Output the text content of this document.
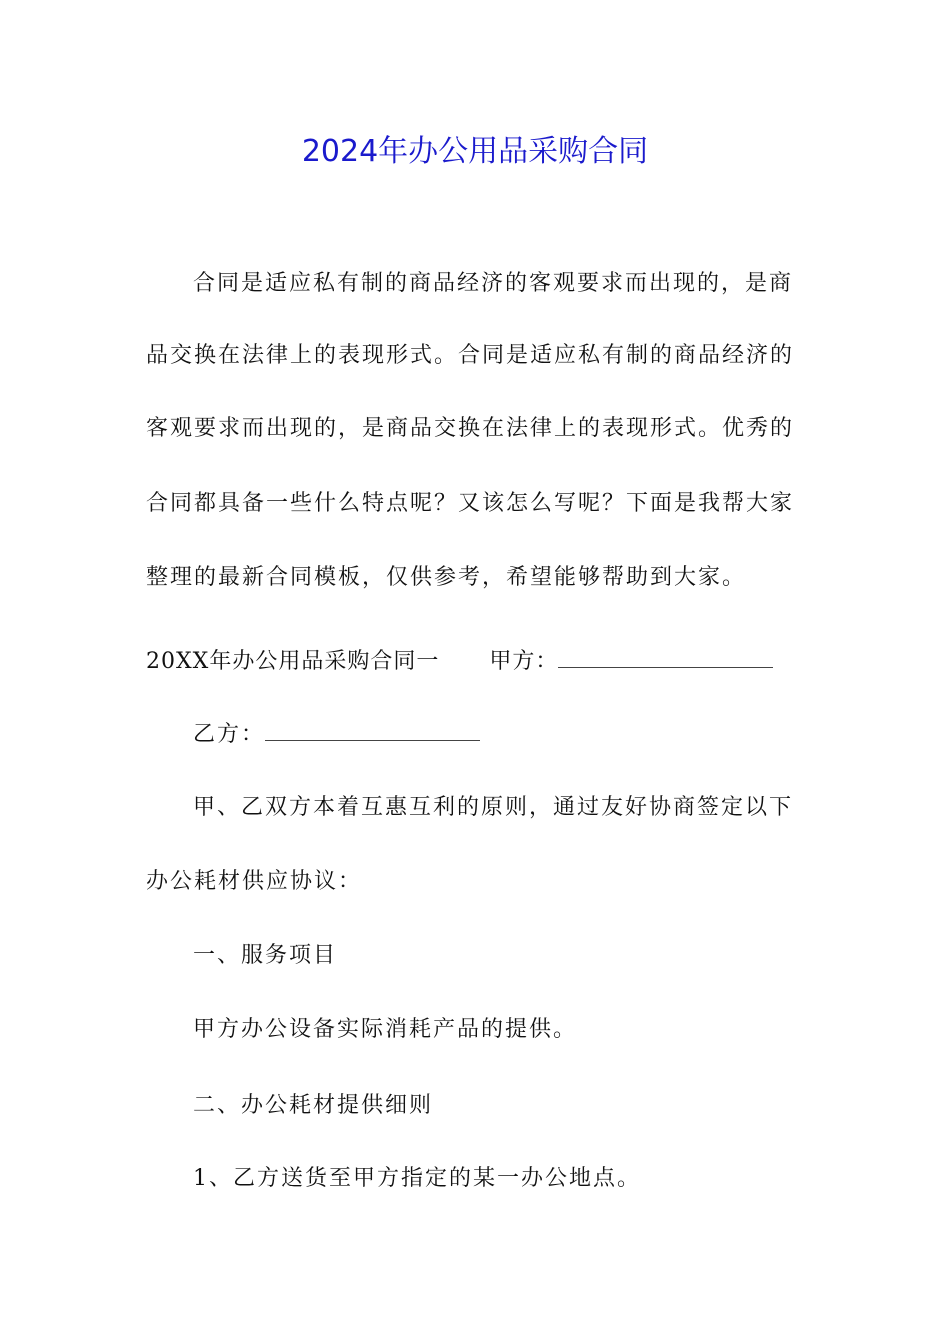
2024年办公用品采购合同
合同是适应私有制的商品经济的客观要求而出现的，是商
品交换在法律上的表现形式。合同是适应私有制的商品经济的
客观要求而出现的，是商品交换在法律上的表现形式。优秀的
合同都具备一些什么特点呢？又该怎么写呢？下面是我帮大家
整理的最新合同模板，仅供参考，希望能够帮助到大家。
20XX年办公用品采购合同一 甲方：
乙方：
甲、乙双方本着互惠互利的原则，通过友好协商签定以下
办公耗材供应协议：
一、服务项目
甲方办公设备实际消耗产品的提供。
二、办公耗材提供细则
1、乙方送货至甲方指定的某一办公地点。
